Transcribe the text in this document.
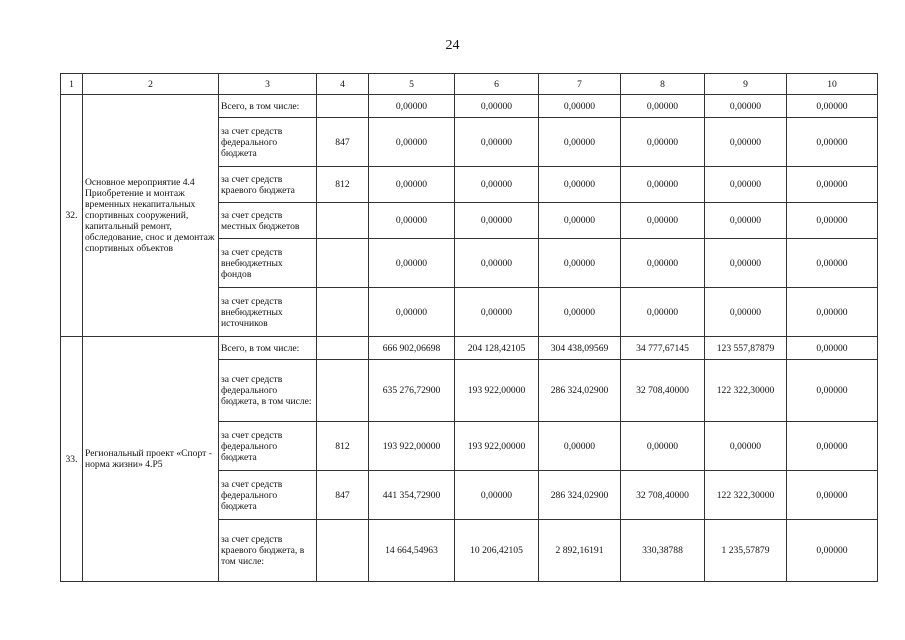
24
1	2	3	4	5	6	7	8	9	10
32.	Основное мероприятие 4.4 Приобретение и монтаж временных некапитальных спортивных сооружений, капитальный ремонт, обследование, снос и демонтаж спортивных объектов	Всего, в том числе:		0,00000	0,00000	0,00000	0,00000	0,00000	0,00000
		за счет средств федерального бюджета	847	0,00000	0,00000	0,00000	0,00000	0,00000	0,00000
		за счет средств краевого бюджета	812	0,00000	0,00000	0,00000	0,00000	0,00000	0,00000
		за счет средств местных бюджетов		0,00000	0,00000	0,00000	0,00000	0,00000	0,00000
		за счет средств внебюджетных фондов		0,00000	0,00000	0,00000	0,00000	0,00000	0,00000
		за счет средств внебюджетных источников		0,00000	0,00000	0,00000	0,00000	0,00000	0,00000
33.	Региональный проект «Спорт - норма жизни» 4.P5	Всего, в том числе:		666 902,06698	204 128,42105	304 438,09569	34 777,67145	123 557,87879	0,00000
		за счет средств федерального бюджета, в том числе:		635 276,72900	193 922,00000	286 324,02900	32 708,40000	122 322,30000	0,00000
		за счет средств федерального бюджета	812	193 922,00000	193 922,00000	0,00000	0,00000	0,00000	0,00000
		за счет средств федерального бюджета	847	441 354,72900	0,00000	286 324,02900	32 708,40000	122 322,30000	0,00000
		за счет средств краевого бюджета, в том числе:		14 664,54963	10 206,42105	2 892,16191	330,38788	1 235,57879	0,00000
